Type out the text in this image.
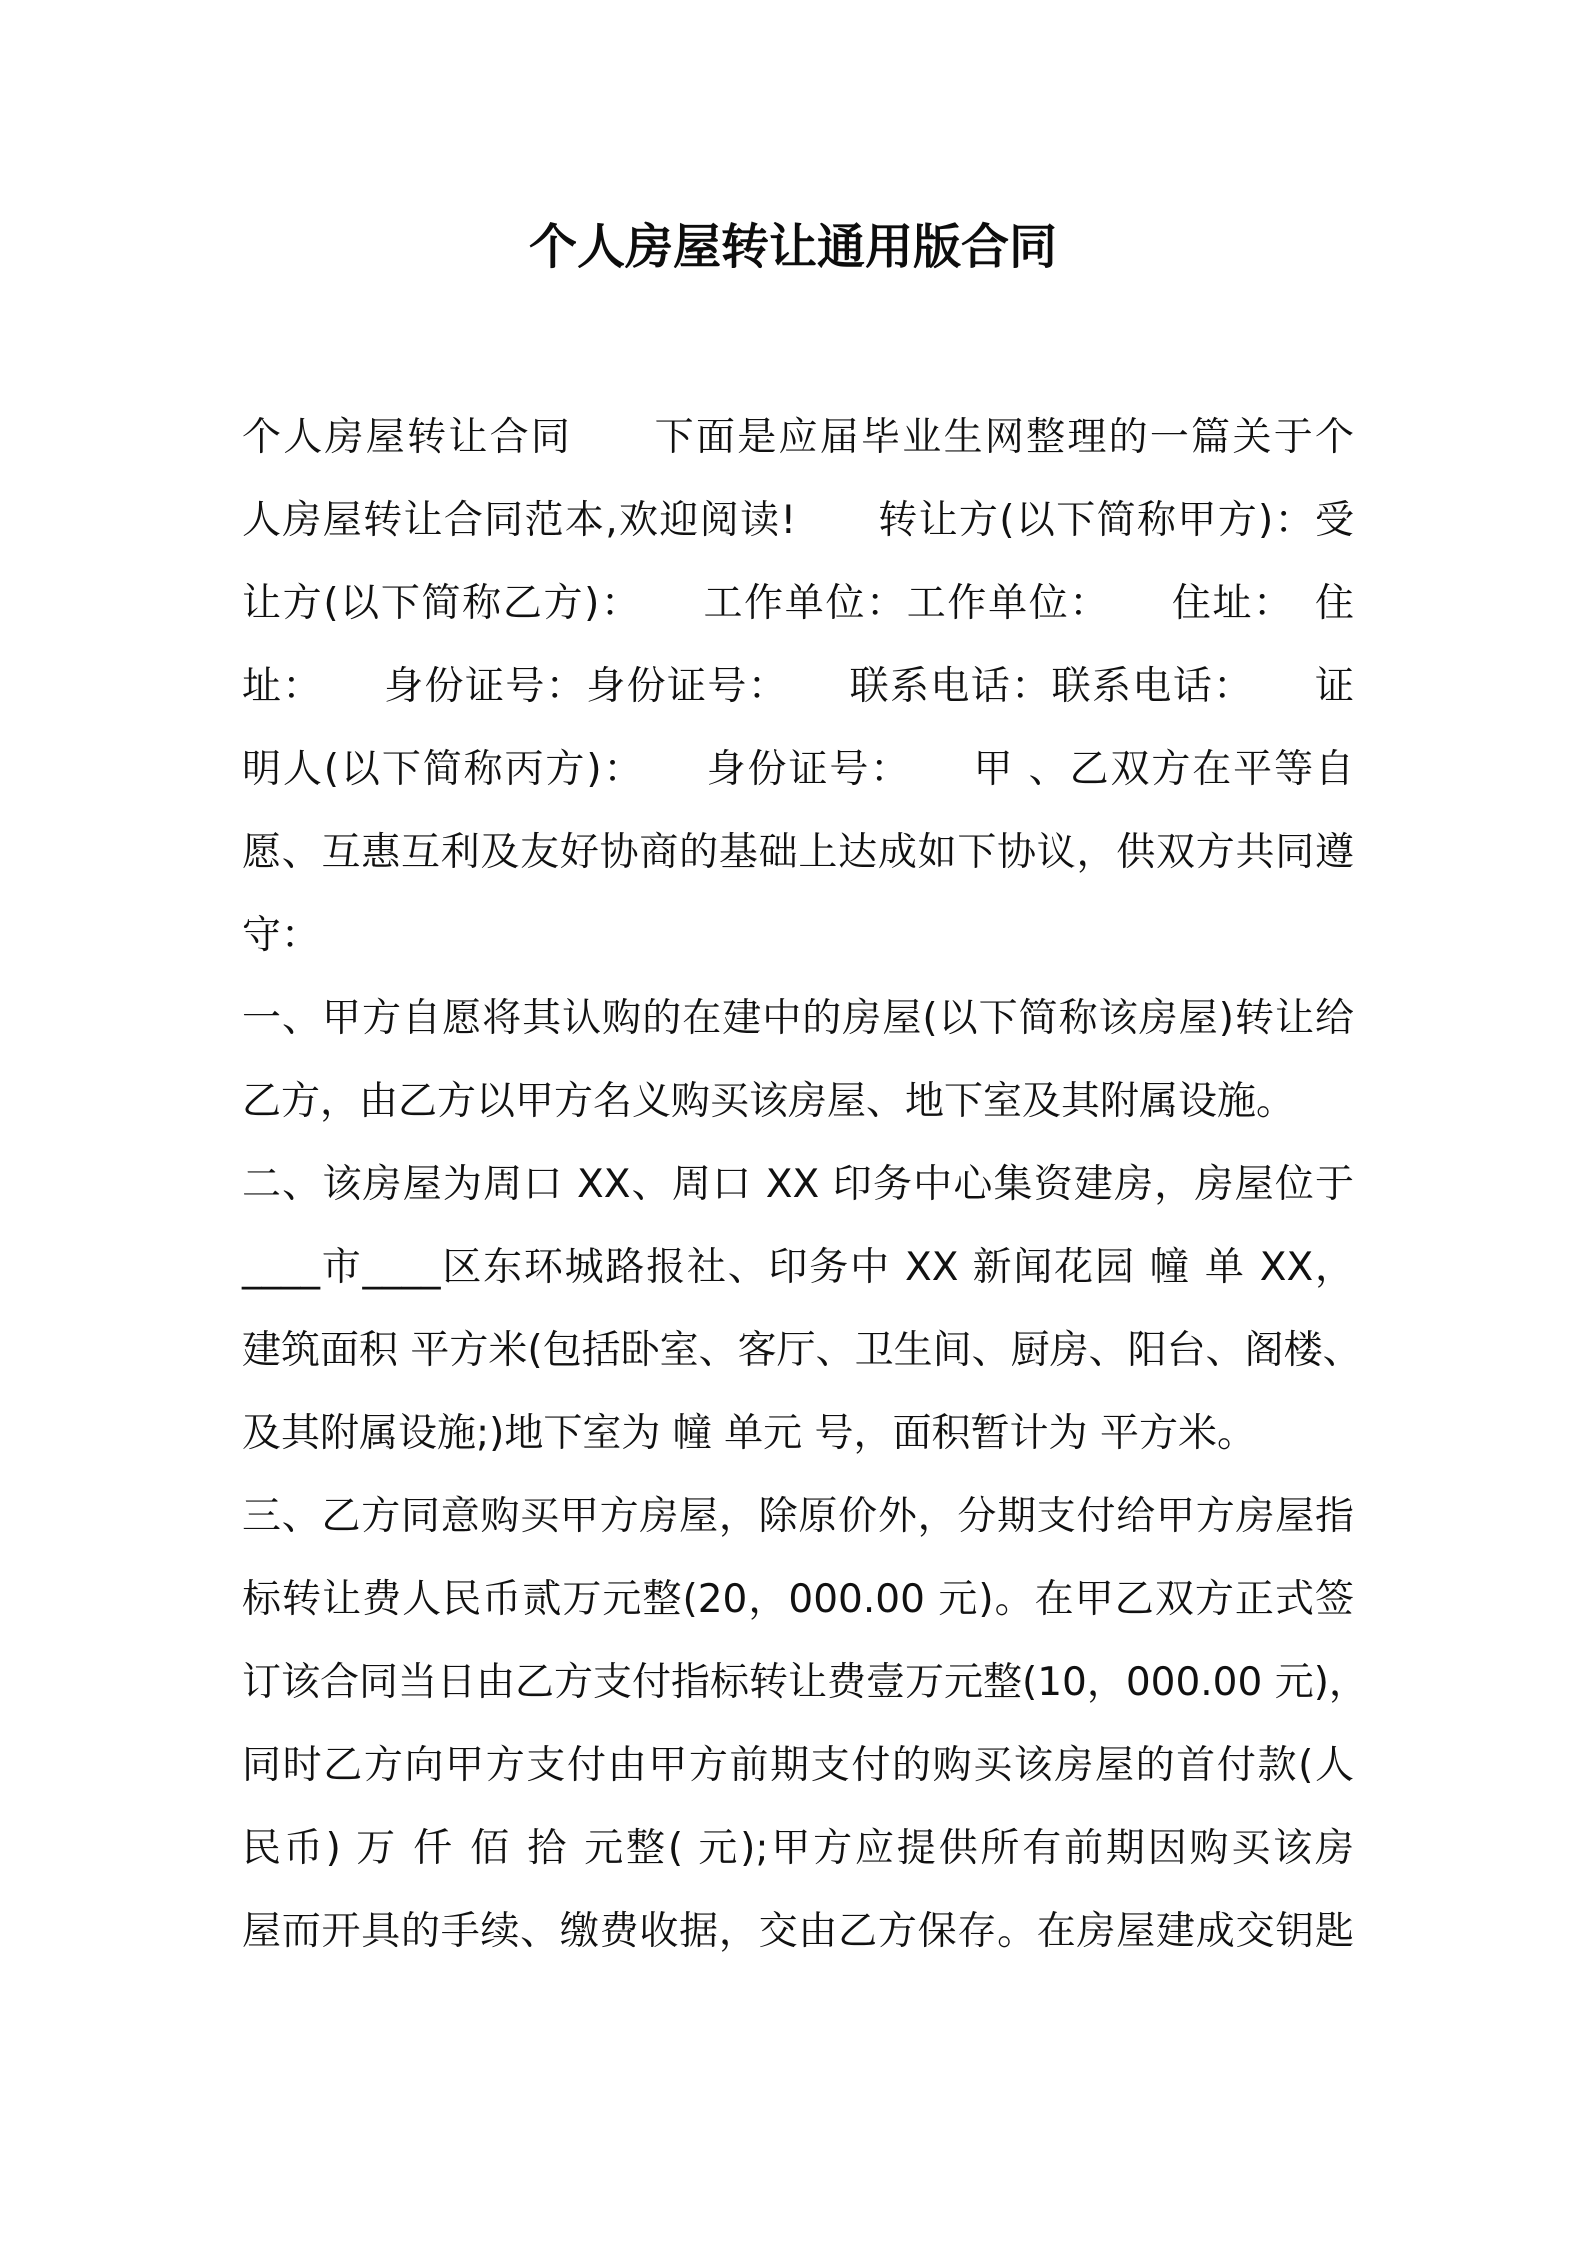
个人房屋转让通用版合同
个人房屋转让合同　　下面是应届毕业生网整理的一篇关于个
人房屋转让合同范本,欢迎阅读!　　转让方(以下简称甲方)：受
让方(以下简称乙方)：　　工作单位：工作单位：　　住址：　住
址：　　身份证号：身份证号：　　联系电话：联系电话：　　证
明人(以下简称丙方)：　　身份证号：　　甲 、乙双方在平等自
愿、互惠互利及友好协商的基础上达成如下协议，供双方共同遵
守：
一、甲方自愿将其认购的在建中的房屋(以下简称该房屋)转让给
乙方，由乙方以甲方名义购买该房屋、地下室及其附属设施。
二、该房屋为周口 XX、周口 XX 印务中心集资建房，房屋位于
____市____区东环城路报社、印务中 XX 新闻花园 幢 单 XX，
建筑面积 平方米(包括卧室、客厅、卫生间、厨房、阳台、阁楼、
及其附属设施;)地下室为 幢 单元 号，面积暂计为 平方米。
三、乙方同意购买甲方房屋，除原价外，分期支付给甲方房屋指
标转让费人民币贰万元整(20，000.00 元)。在甲乙双方正式签
订该合同当日由乙方支付指标转让费壹万元整(10，000.00 元)，
同时乙方向甲方支付由甲方前期支付的购买该房屋的首付款(人
民币) 万 仟 佰 拾 元整( 元);甲方应提供所有前期因购买该房
屋而开具的手续、缴费收据，交由乙方保存。在房屋建成交钥匙
